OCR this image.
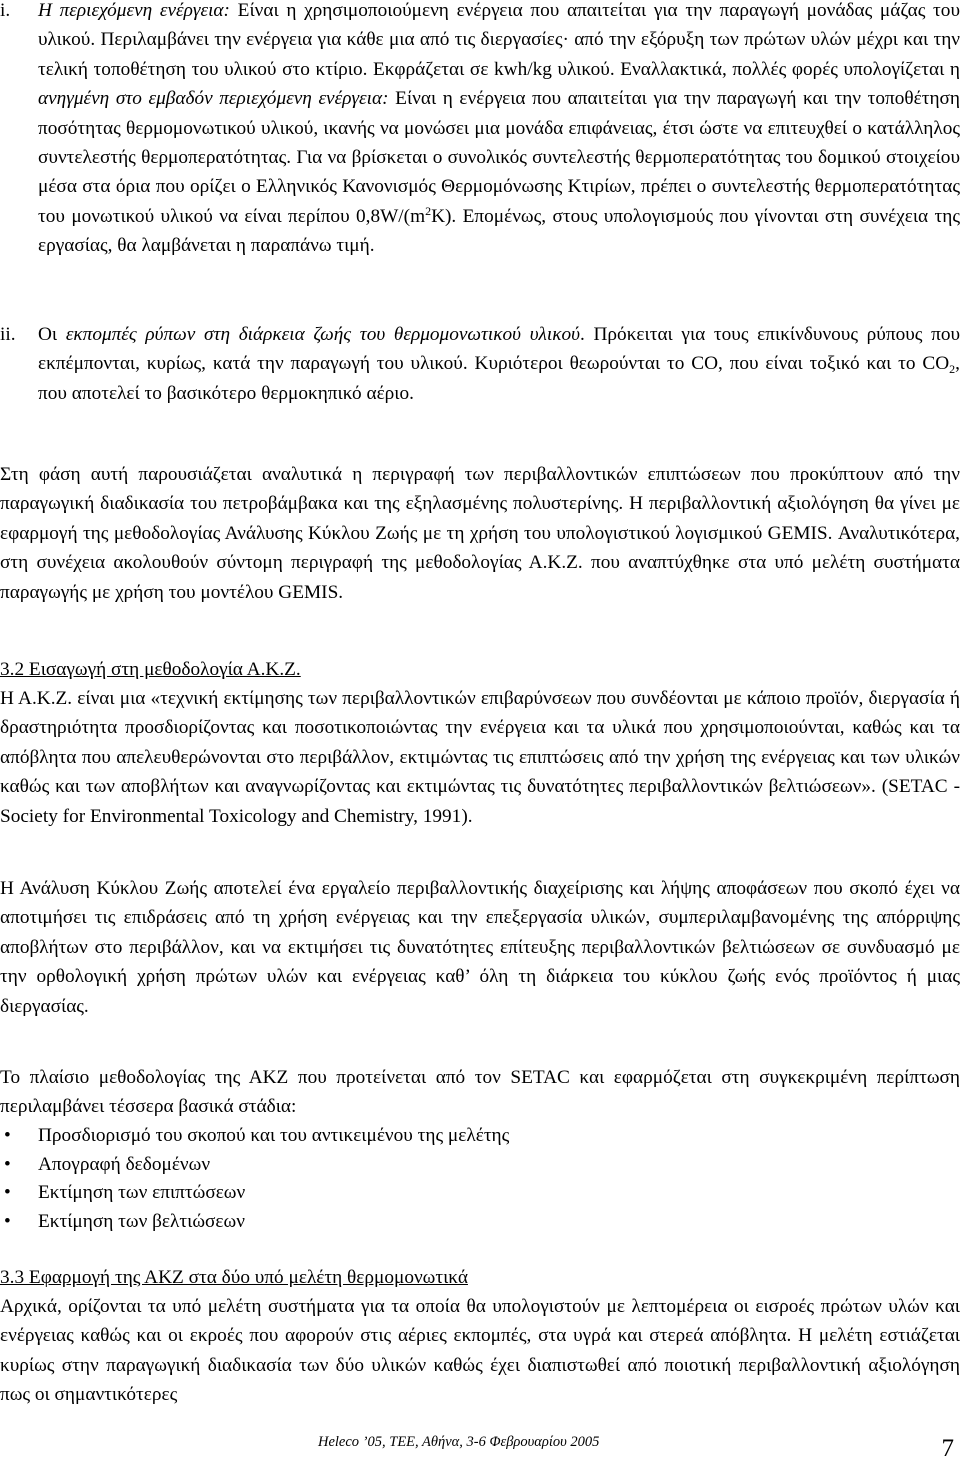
i. Η περιεχόμενη ενέργεια: Είναι η χρησιμοποιούμενη ενέργεια που απαιτείται για την παραγωγή μονάδας μάζας του υλικού. Περιλαμβάνει την ενέργεια για κάθε μια από τις διεργασίες· από την εξόρυξη των πρώτων υλών μέχρι και την τελική τοποθέτηση του υλικού στο κτίριο. Εκφράζεται σε kwh/kg υλικού. Εναλλακτικά, πολλές φορές υπολογίζεται η ανηγμένη στο εμβαδόν περιεχόμενη ενέργεια: Είναι η ενέργεια που απαιτείται για την παραγωγή και την τοποθέτηση ποσότητας θερμομονωτικού υλικού, ικανής να μονώσει μια μονάδα επιφάνειας, έτσι ώστε να επιτευχθεί ο κατάλληλος συντελεστής θερμοπερατότητας. Για να βρίσκεται ο συνολικός συντελεστής θερμοπερατότητας του δομικού στοιχείου μέσα στα όρια που ορίζει ο Ελληνικός Κανονισμός Θερμομόνωσης Κτιρίων, πρέπει ο συντελεστής θερμοπερατότητας του μονωτικού υλικού να είναι περίπου $0,8W/(m^2K)$. Επομένως, στους υπολογισμούς που γίνονται στη συνέχεια της εργασίας, θα λαμβάνεται η παραπάνω τιμή.

ii. Οι εκπομπές ρύπων στη διάρκεια ζωής του θερμομονωτικού υλικού. Πρόκειται για τους επικίνδυνους ρύπους που εκπέμπονται, κυρίως, κατά την παραγωγή του υλικού. Κυριότεροι θεωρούνται το CO, που είναι τοξικό και το $CO_2$, που αποτελεί το βασικότερο θερμοκηπικό αέριο.

Στη φάση αυτή παρουσιάζεται αναλυτικά η περιγραφή των περιβαλλοντικών επιπτώσεων που προκύπτουν από την παραγωγική διαδικασία του πετροβάμβακα και της εξηλασμένης πολυστερίνης. Η περιβαλλοντική αξιολόγηση θα γίνει με εφαρμογή της μεθοδολογίας Ανάλυσης Κύκλου Ζωής με τη χρήση του υπολογιστικού λογισμικού GEMIS. Αναλυτικότερα, στη συνέχεια ακολουθούν σύντομη περιγραφή της μεθοδολογίας Α.Κ.Ζ. που αναπτύχθηκε στα υπό μελέτη συστήματα παραγωγής με χρήση του μοντέλου GEMIS.

3.2 Εισαγωγή στη μεθοδολογία Α.Κ.Ζ.

Η Α.Κ.Ζ. είναι μια «τεχνική εκτίμησης των περιβαλλοντικών επιβαρύνσεων που συνδέονται με κάποιο προϊόν, διεργασία ή δραστηριότητα προσδιορίζοντας και ποσοτικοποιώντας την ενέργεια και τα υλικά που χρησιμοποιούνται, καθώς και τα απόβλητα που απελευθερώνονται στο περιβάλλον, εκτιμώντας τις επιπτώσεις από την χρήση της ενέργειας και των υλικών καθώς και των αποβλήτων και αναγνωρίζοντας και εκτιμώντας τις δυνατότητες περιβαλλοντικών βελτιώσεων». (SETAC -Society for Environmental Toxicology and Chemistry, 1991).

Η Ανάλυση Κύκλου Ζωής αποτελεί ένα εργαλείο περιβαλλοντικής διαχείρισης και λήψης αποφάσεων που σκοπό έχει να αποτιμήσει τις επιδράσεις από τη χρήση ενέργειας και την επεξεργασία υλικών, συμπεριλαμβανομένης της απόρριψης αποβλήτων στο περιβάλλον, και να εκτιμήσει τις δυνατότητες επίτευξης περιβαλλοντικών βελτιώσεων σε συνδυασμό με την ορθολογική χρήση πρώτων υλών και ενέργειας καθ’ όλη τη διάρκεια του κύκλου ζωής ενός προϊόντος ή μιας διεργασίας.

Το πλαίσιο μεθοδολογίας της ΑΚΖ που προτείνεται από τον SETAC και εφαρμόζεται στη συγκεκριμένη περίπτωση περιλαμβάνει τέσσερα βασικά στάδια:

• Προσδιορισμό του σκοπού και του αντικειμένου της μελέτης
• Απογραφή δεδομένων
• Εκτίμηση των επιπτώσεων
• Εκτίμηση των βελτιώσεων

3.3 Εφαρμογή της ΑΚΖ στα δύο υπό μελέτη θερμομονωτικά

Αρχικά, ορίζονται τα υπό μελέτη συστήματα για τα οποία θα υπολογιστούν με λεπτομέρεια οι εισροές πρώτων υλών και ενέργειας καθώς και οι εκροές που αφορούν στις αέριες εκπομπές, στα υγρά και στερεά απόβλητα. Η μελέτη εστιάζεται κυρίως στην παραγωγική διαδικασία των δύο υλικών καθώς έχει διαπιστωθεί από ποιοτική περιβαλλοντική αξιολόγηση πως οι σημαντικότερες

Heleco ’05, ΤΕΕ, Αθήνα, 3-6 Φεβρουαρίου 2005	7
